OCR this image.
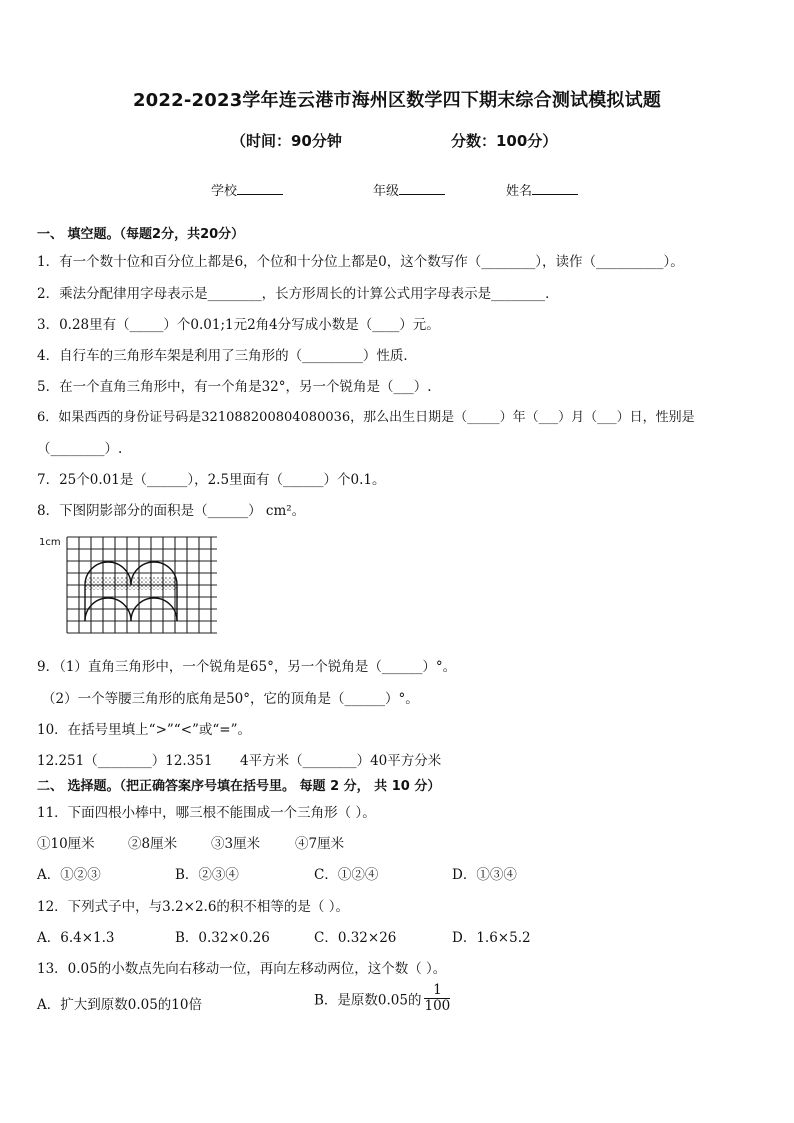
2022-2023学年连云港市海州区数学四下期末综合测试模拟试题
（时间：90分钟	分数：100分）
学校	年级	姓名
一、 填空题。（每题2分，共20分）
1．有一个数十位和百分位上都是6，个位和十分位上都是0，这个数写作（________），读作（__________）。
2．乘法分配律用字母表示是________，长方形周长的计算公式用字母表示是________．
3．0.28里有（_____）个0.01;1元2角4分写成小数是（____）元。
4．自行车的三角形车架是利用了三角形的（_________）性质．
5．在一个直角三角形中，有一个角是32°，另一个锐角是（___）.
6．如果西西的身份证号码是321088200804080036，那么出生日期是（_____）年（___）月（___）日，性别是
（________）.
7．25个0.01是（______），2.5里面有（______）个0.1。
8．下图阴影部分的面积是（______） cm²。
1cm
9．（1）直角三角形中，一个锐角是65°，另一个锐角是（______）°。
（2）一个等腰三角形的底角是50°，它的顶角是（______）°。
10．在括号里填上“>”“<”或“=”。
12.251（________）12.351 4平方米（________）40平方分米
二、 选择题。（把正确答案序号填在括号里。 每题 2 分， 共 10 分）
11．下面四根小棒中，哪三根不能围成一个三角形（ ）。
①10厘米 ②8厘米	③3厘米	④7厘米
A．①②③	B．②③④	C．①②④	D．①③④
12．下列式子中，与3.2×2.6的积不相等的是（ ）。
A．6.4×1.3	B．0.32×0.26	C．0.32×26	D．1.6×5.2
13．0.05的小数点先向右移动一位，再向左移动两位，这个数（ ）。
A．扩大到原数0.05的10倍	B．是原数0.05的 $\frac{1}{100}$
